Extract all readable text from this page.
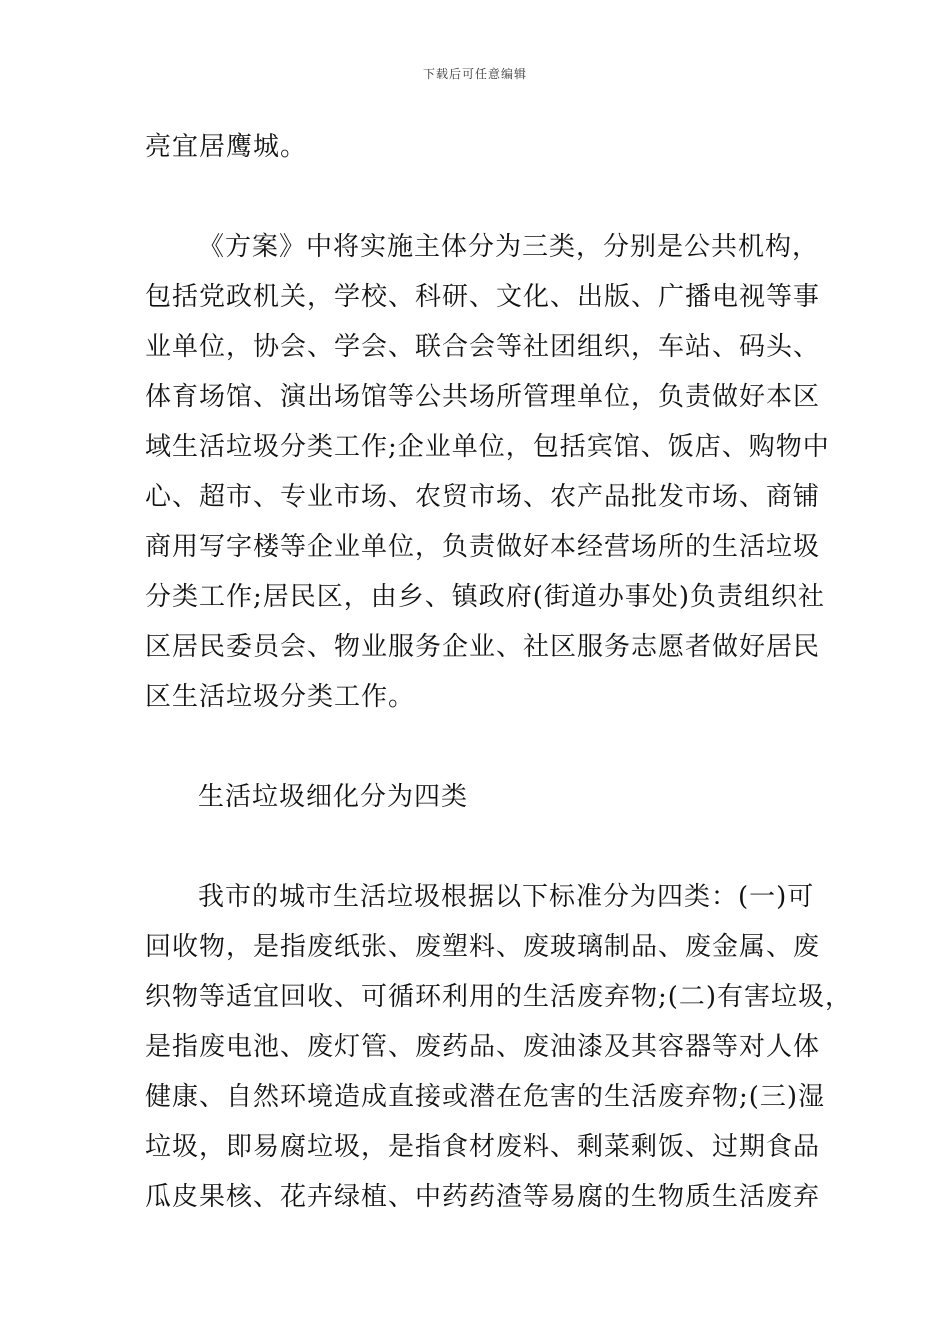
下载后可任意编辑
亮宜居鹰城。
《方案》中将实施主体分为三类，分别是公共机构，
包括党政机关，学校、科研、文化、出版、广播电视等事
业单位，协会、学会、联合会等社团组织，车站、码头、
体育场馆、演出场馆等公共场所管理单位，负责做好本区
域生活垃圾分类工作;企业单位，包括宾馆、饭店、购物中
心、超市、专业市场、农贸市场、农产品批发市场、商铺
商用写字楼等企业单位，负责做好本经营场所的生活垃圾
分类工作;居民区，由乡、镇政府(街道办事处)负责组织社
区居民委员会、物业服务企业、社区服务志愿者做好居民
区生活垃圾分类工作。
生活垃圾细化分为四类
我市的城市生活垃圾根据以下标准分为四类：(一)可
回收物，是指废纸张、废塑料、废玻璃制品、废金属、废
织物等适宜回收、可循环利用的生活废弃物;(二)有害垃圾，
是指废电池、废灯管、废药品、废油漆及其容器等对人体
健康、自然环境造成直接或潜在危害的生活废弃物;(三)湿
垃圾，即易腐垃圾，是指食材废料、剩菜剩饭、过期食品
瓜皮果核、花卉绿植、中药药渣等易腐的生物质生活废弃
